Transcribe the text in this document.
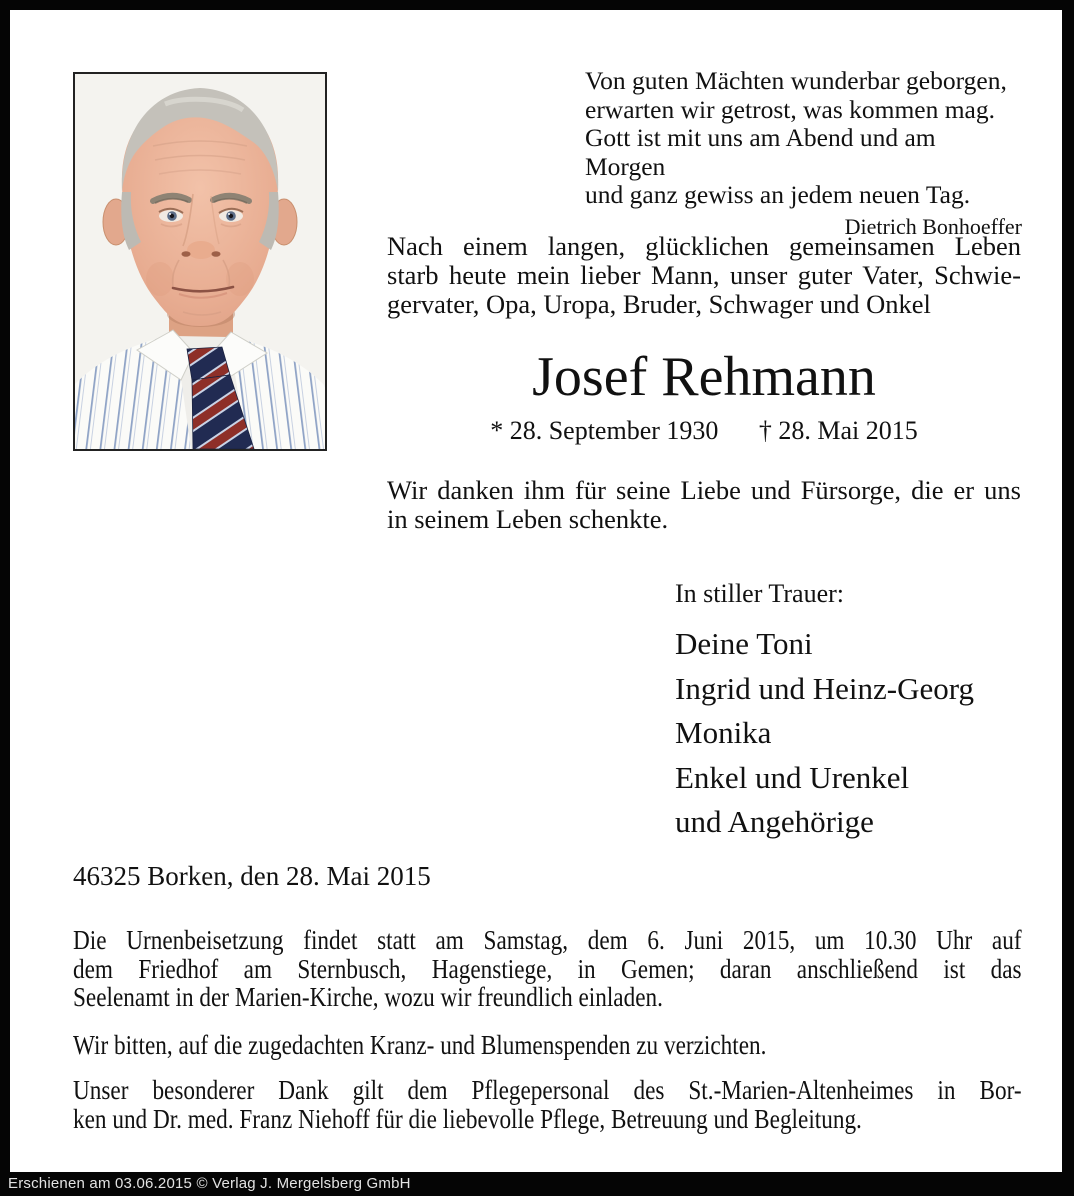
Von guten Mächten wunderbar geborgen,
erwarten wir getrost, was kommen mag.
Gott ist mit uns am Abend und am Morgen
und ganz gewiss an jedem neuen Tag.
Dietrich Bonhoeffer
Nach einem langen, glücklichen gemeinsamen Leben
starb heute mein lieber Mann, unser guter Vater, Schwie-
gervater, Opa, Uropa, Bruder, Schwager und Onkel
Josef Rehmann
* 28. September 1930 † 28. Mai 2015
Wir danken ihm für seine Liebe und Fürsorge, die er uns
in seinem Leben schenkte.
In stiller Trauer:
Deine Toni
Ingrid und Heinz-Georg
Monika
Enkel und Urenkel
und Angehörige
46325 Borken, den 28. Mai 2015
Die Urnenbeisetzung findet statt am Samstag, dem 6. Juni 2015, um 10.30 Uhr auf
dem Friedhof am Sternbusch, Hagenstiege, in Gemen; daran anschließend ist das
Seelenamt in der Marien-Kirche, wozu wir freundlich einladen.
Wir bitten, auf die zugedachten Kranz- und Blumenspenden zu verzichten.
Unser besonderer Dank gilt dem Pflegepersonal des St.-Marien-Altenheimes in Bor-
ken und Dr. med. Franz Niehoff für die liebevolle Pflege, Betreuung und Begleitung.
Erschienen am 03.06.2015 © Verlag J. Mergelsberg GmbH
